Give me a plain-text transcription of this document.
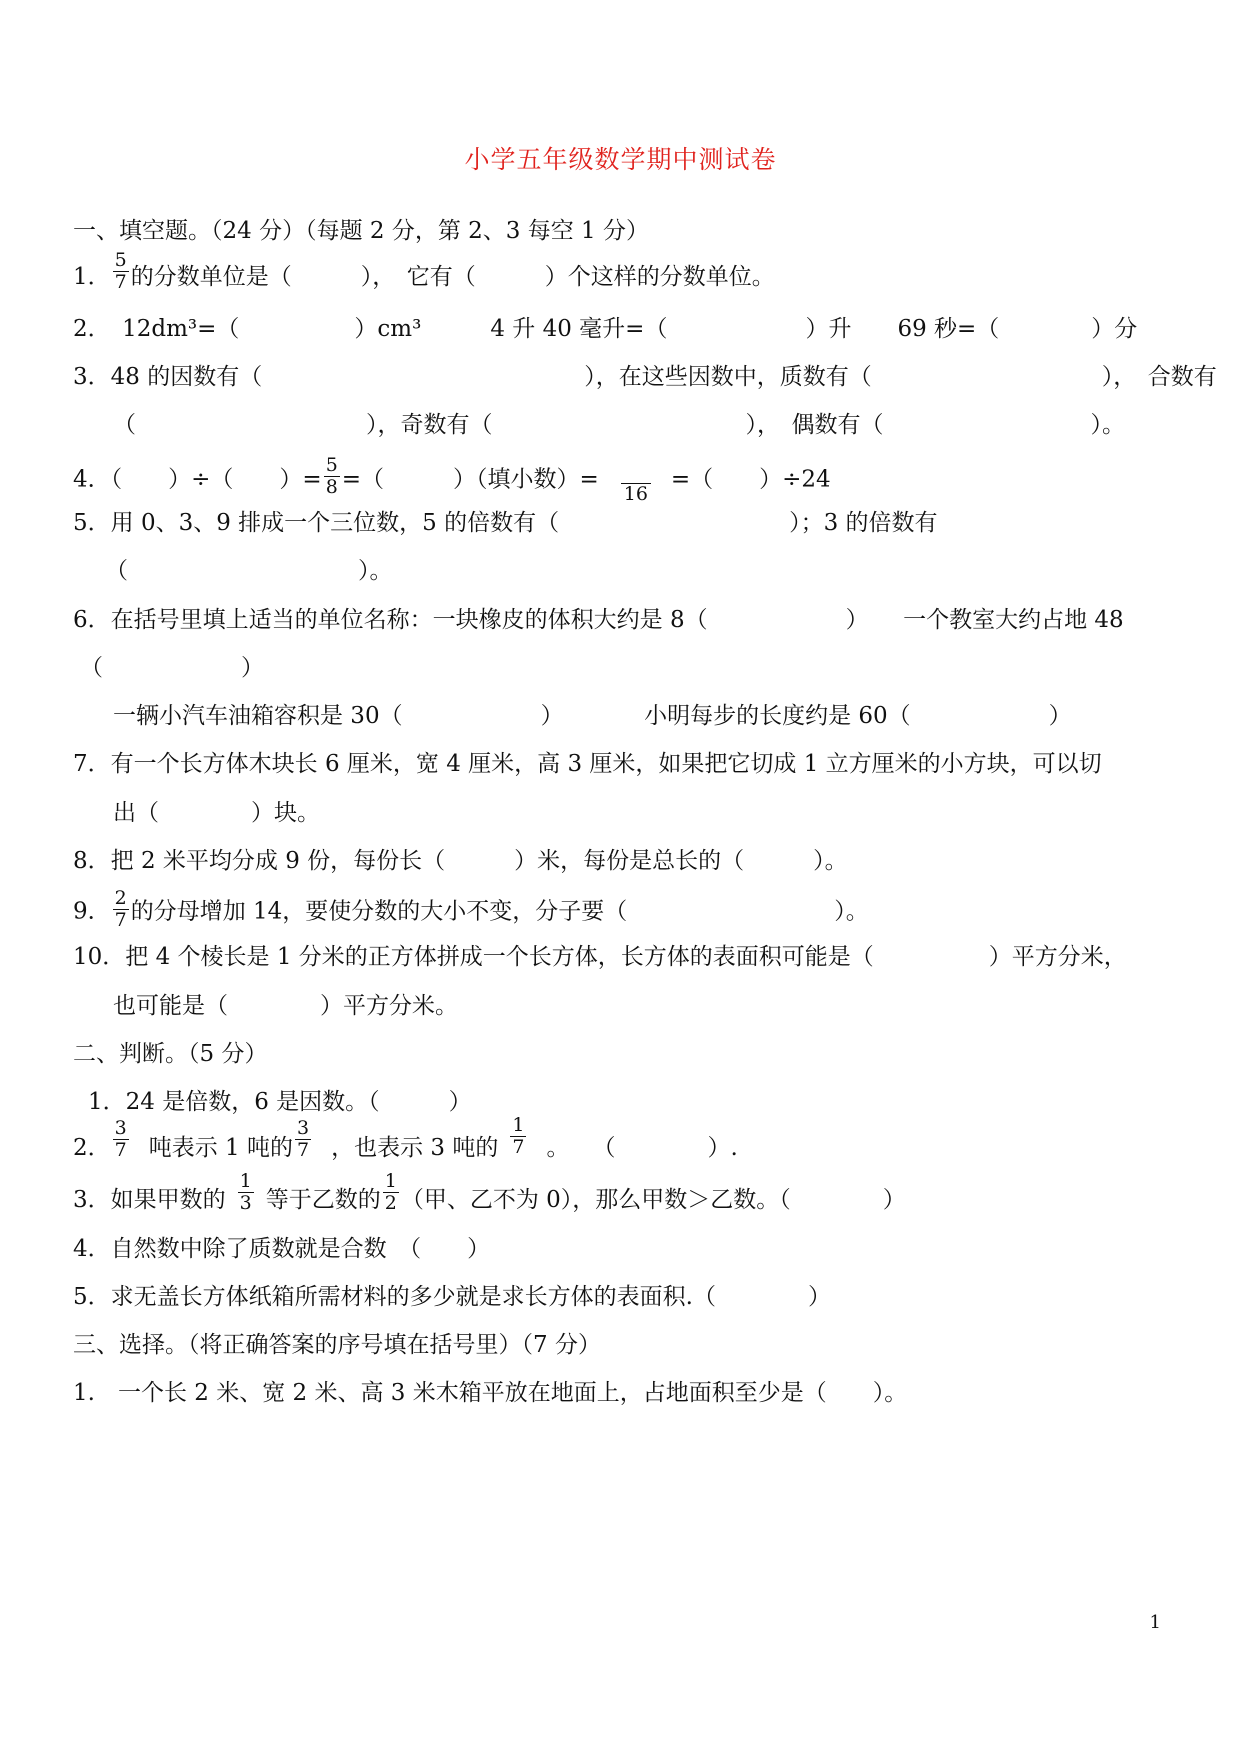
小学五年级数学期中测试卷
一、填空题。（24 分）（每题 2 分，第 2、3 每空 1 分）
1． $\frac{5}{7}$ 的分数单位是（　　　），　它有（　　　）个这样的分数单位。
2．　12dm³=（　　　　　）cm³　　　4 升 40 毫升=（　　　　　　）升　　69 秒=（　　　　）分
3．48 的因数有（　　　　　　　　　　　　　　），在这些因数中，质数有（　　　　　　　　　　），　合数有
（　　　　　　　　　　），奇数有（　　　　　　　　　　　），　偶数有（　　　　　　　　　）。
4．（　　）÷（　　）= $\frac{5}{8}$ =（　　　）（填小数）=
16
=（　　）÷24
5．用 0、3、9 排成一个三位数，5 的倍数有（　　　　　　　　　　）；3 的倍数有
（　　　　　　　　　　）。
6．在括号里填上适当的单位名称：一块橡皮的体积大约是 8（　　　　　　）　　一个教室大约占地 48
（　　　　　　）
一辆小汽车油箱容积是 30（　　　　　　）　　　　小明每步的长度约是 60（　　　　　　）
7．有一个长方体木块长 6 厘米，宽 4 厘米，高 3 厘米，如果把它切成 1 立方厘米的小方块，可以切
出（　　　　）块。
8．把 2 米平均分成 9 份，每份长（　　　）米，每份是总长的（　　　）。
9． $\frac{2}{7}$ 的分母增加 14，要使分数的大小不变，分子要（　　　　　　　　　）。
10．把 4 个棱长是 1 分米的正方体拼成一个长方体，长方体的表面积可能是（　　　　　）平方分米，
也可能是（　　　　）平方分米。
二、判断。（5 分）
1．24 是倍数，6 是因数。（　　　）
2． $\frac{3}{7}$ 吨表示 1 吨的 $\frac{3}{7}$ ，也表示 3 吨的 $\frac{1}{7}$ 。　　（　　　　）.
3．如果甲数的 $\frac{1}{3}$ 等于乙数的 $\frac{1}{2}$ （甲、乙不为 0），那么甲数＞乙数。（　　　　）
4．自然数中除了质数就是合数　（　　）
5．求无盖长方体纸箱所需材料的多少就是求长方体的表面积.（　　　　）
三、选择。（将正确答案的序号填在括号里）（7 分）
1.　一个长 2 米、宽 2 米、高 3 米木箱平放在地面上，占地面积至少是（　　）。
1
